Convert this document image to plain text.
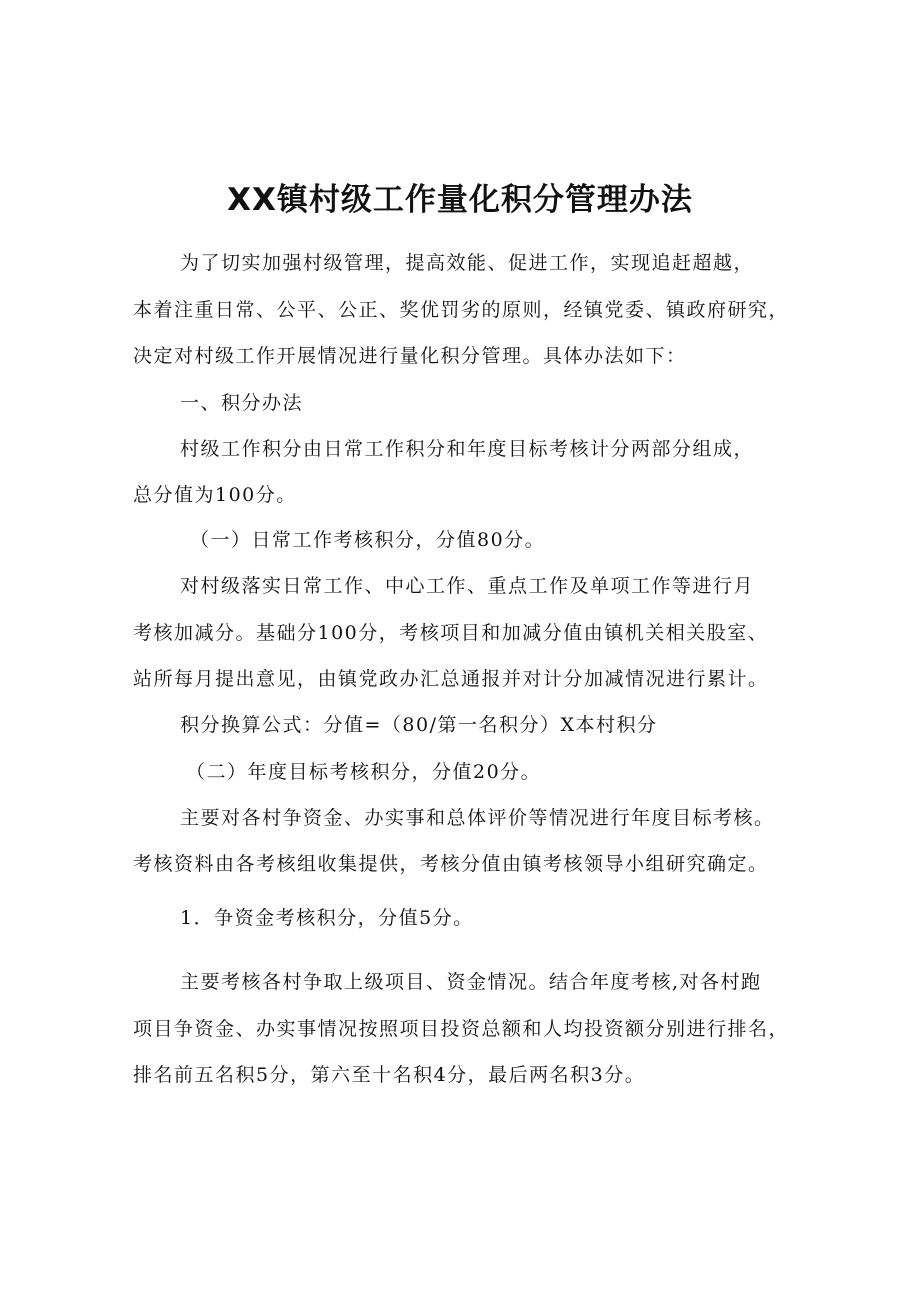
XX镇村级工作量化积分管理办法

为了切实加强村级管理，提高效能、促进工作，实现追赶超越，

本着注重日常、公平、公正、奖优罚劣的原则，经镇党委、镇政府研究，

决定对村级工作开展情况进行量化积分管理。具体办法如下：

一、积分办法

村级工作积分由日常工作积分和年度目标考核计分两部分组成，

总分值为100分。

（一）日常工作考核积分，分值80分。

对村级落实日常工作、中心工作、重点工作及单项工作等进行月

考核加减分。基础分100分，考核项目和加减分值由镇机关相关股室、

站所每月提出意见，由镇党政办汇总通报并对计分加减情况进行累计。

积分换算公式：分值=（80/第一名积分）X本村积分

（二）年度目标考核积分，分值20分。

主要对各村争资金、办实事和总体评价等情况进行年度目标考核。

考核资料由各考核组收集提供，考核分值由镇考核领导小组研究确定。

1．争资金考核积分，分值5分。

主要考核各村争取上级项目、资金情况。结合年度考核,对各村跑

项目争资金、办实事情况按照项目投资总额和人均投资额分别进行排名，

排名前五名积5分，第六至十名积4分，最后两名积3分。
